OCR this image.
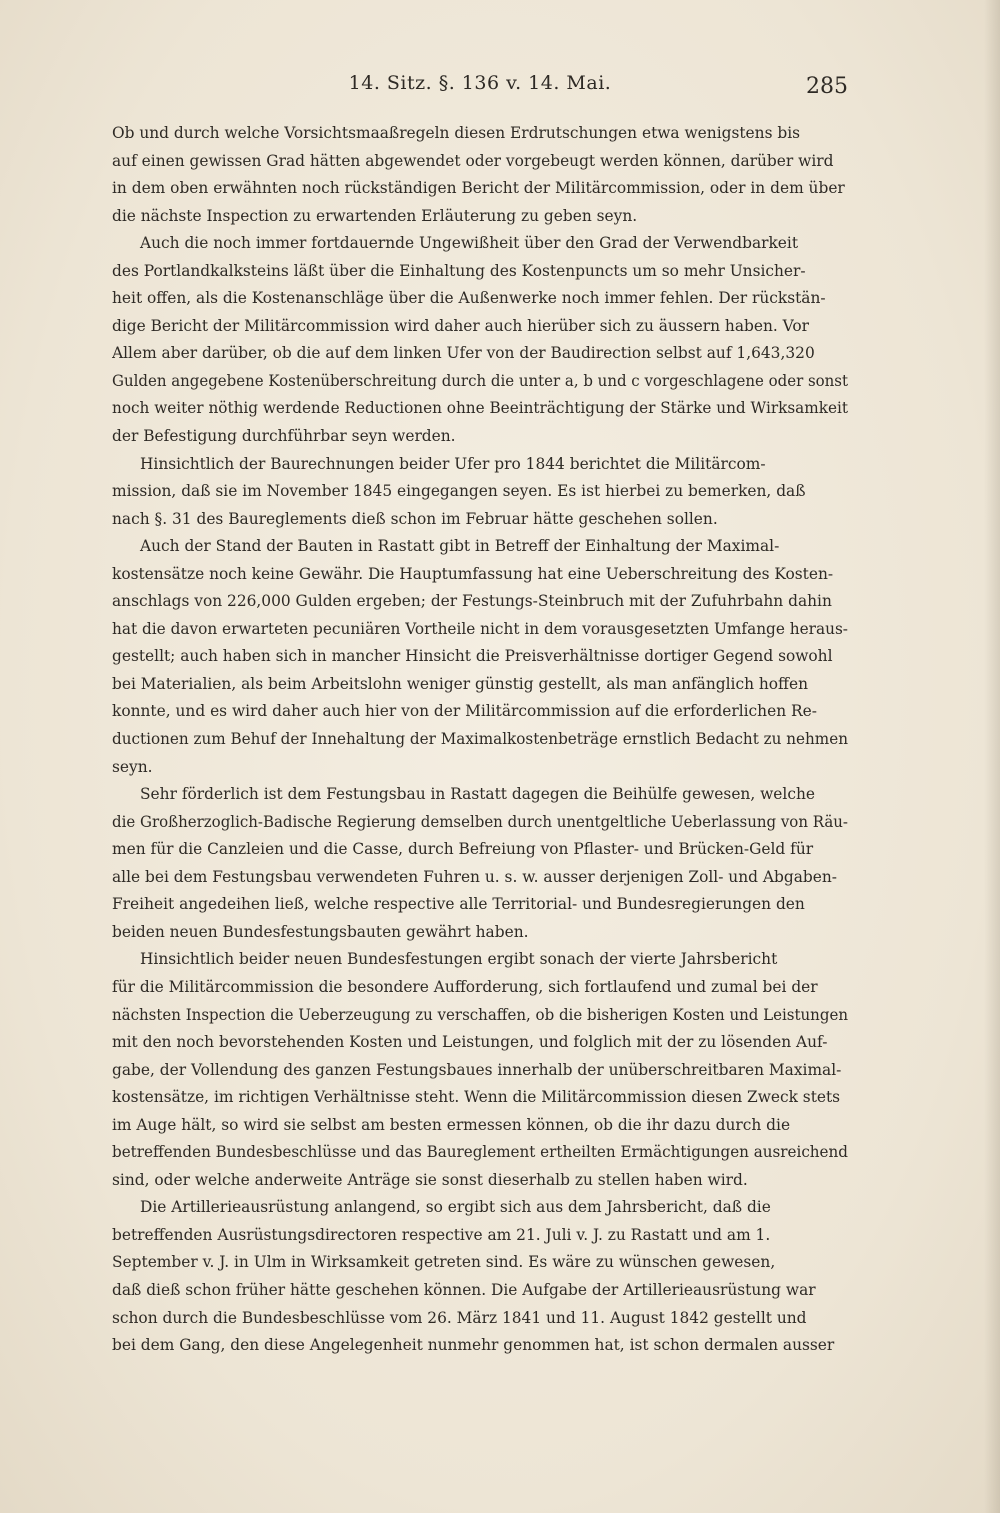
14. Sitz. §. 136 v. 14. Mai.	285
Ob und durch welche Vorsichtsmaaßregeln diesen Erdrutschungen etwa wenigstens bis
auf einen gewissen Grad hätten abgewendet oder vorgebeugt werden können, darüber wird
in dem oben erwähnten noch rückständigen Bericht der Militärcommission, oder in dem über
die nächste Inspection zu erwartenden Erläuterung zu geben seyn.
Auch die noch immer fortdauernde Ungewißheit über den Grad der Verwendbarkeit
des Portlandkalksteins läßt über die Einhaltung des Kostenpuncts um so mehr Unsicher-
heit offen, als die Kostenanschläge über die Außenwerke noch immer fehlen. Der rückstän-
dige Bericht der Militärcommission wird daher auch hierüber sich zu äussern haben. Vor
Allem aber darüber, ob die auf dem linken Ufer von der Baudirection selbst auf 1,643,320
Gulden angegebene Kostenüberschreitung durch die unter a, b und c vorgeschlagene oder sonst
noch weiter nöthig werdende Reductionen ohne Beeinträchtigung der Stärke und Wirksamkeit
der Befestigung durchführbar seyn werden.
Hinsichtlich der Baurechnungen beider Ufer pro 1844 berichtet die Militärcom-
mission, daß sie im November 1845 eingegangen seyen. Es ist hierbei zu bemerken, daß
nach §. 31 des Baureglements dieß schon im Februar hätte geschehen sollen.
Auch der Stand der Bauten in Rastatt gibt in Betreff der Einhaltung der Maximal-
kostensätze noch keine Gewähr. Die Hauptumfassung hat eine Ueberschreitung des Kosten-
anschlags von 226,000 Gulden ergeben; der Festungs-Steinbruch mit der Zufuhrbahn dahin
hat die davon erwarteten pecuniären Vortheile nicht in dem vorausgesetzten Umfange heraus-
gestellt; auch haben sich in mancher Hinsicht die Preisverhältnisse dortiger Gegend sowohl
bei Materialien, als beim Arbeitslohn weniger günstig gestellt, als man anfänglich hoffen
konnte, und es wird daher auch hier von der Militärcommission auf die erforderlichen Re-
ductionen zum Behuf der Innehaltung der Maximalkostenbeträge ernstlich Bedacht zu nehmen
seyn.
Sehr förderlich ist dem Festungsbau in Rastatt dagegen die Beihülfe gewesen, welche
die Großherzoglich-Badische Regierung demselben durch unentgeltliche Ueberlassung von Räu-
men für die Canzleien und die Casse, durch Befreiung von Pflaster- und Brücken-Geld für
alle bei dem Festungsbau verwendeten Fuhren u. s. w. ausser derjenigen Zoll- und Abgaben-
Freiheit angedeihen ließ, welche respective alle Territorial- und Bundesregierungen den
beiden neuen Bundesfestungsbauten gewährt haben.
Hinsichtlich beider neuen Bundesfestungen ergibt sonach der vierte Jahrsbericht
für die Militärcommission die besondere Aufforderung, sich fortlaufend und zumal bei der
nächsten Inspection die Ueberzeugung zu verschaffen, ob die bisherigen Kosten und Leistungen
mit den noch bevorstehenden Kosten und Leistungen, und folglich mit der zu lösenden Auf-
gabe, der Vollendung des ganzen Festungsbaues innerhalb der unüberschreitbaren Maximal-
kostensätze, im richtigen Verhältnisse steht. Wenn die Militärcommission diesen Zweck stets
im Auge hält, so wird sie selbst am besten ermessen können, ob die ihr dazu durch die
betreffenden Bundesbeschlüsse und das Baureglement ertheilten Ermächtigungen ausreichend
sind, oder welche anderweite Anträge sie sonst dieserhalb zu stellen haben wird.
Die Artillerieausrüstung anlangend, so ergibt sich aus dem Jahrsbericht, daß die
betreffenden Ausrüstungsdirectoren respective am 21. Juli v. J. zu Rastatt und am 1.
September v. J. in Ulm in Wirksamkeit getreten sind. Es wäre zu wünschen gewesen,
daß dieß schon früher hätte geschehen können. Die Aufgabe der Artillerieausrüstung war
schon durch die Bundesbeschlüsse vom 26. März 1841 und 11. August 1842 gestellt und
bei dem Gang, den diese Angelegenheit nunmehr genommen hat, ist schon dermalen ausser
